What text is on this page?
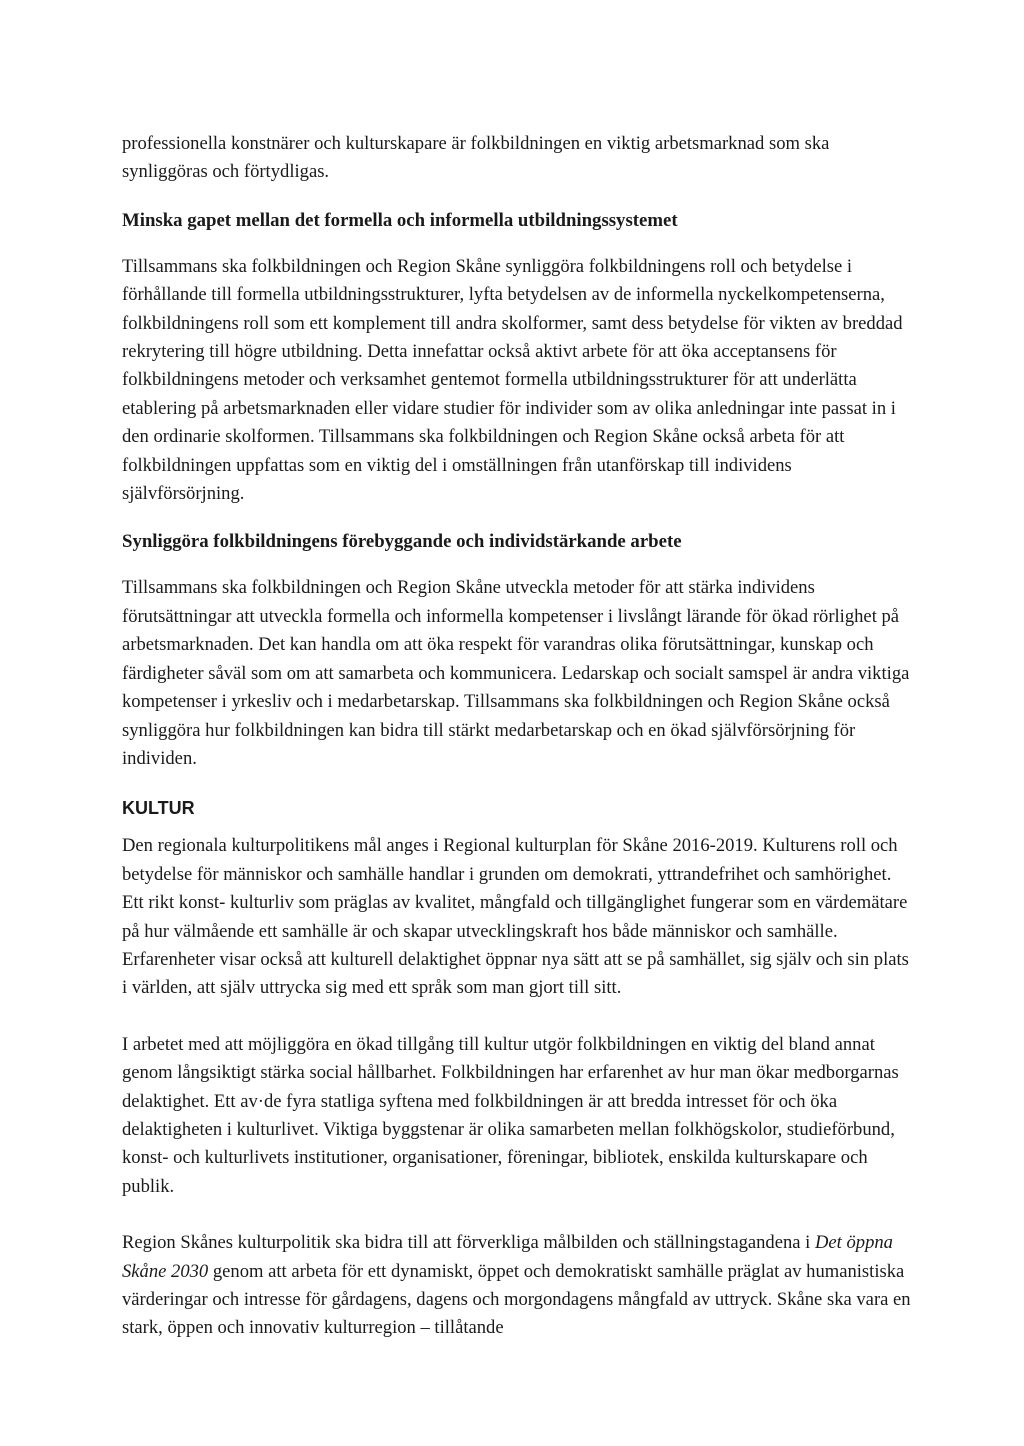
professionella konstnärer och kulturskapare är folkbildningen en viktig arbetsmarknad som ska synliggöras och förtydligas.

Minska gapet mellan det formella och informella utbildningssystemet

Tillsammans ska folkbildningen och Region Skåne synliggöra folkbildningens roll och betydelse i förhållande till formella utbildningsstrukturer, lyfta betydelsen av de informella nyckelkompetenserna, folkbildningens roll som ett komplement till andra skolformer, samt dess betydelse för vikten av breddad rekrytering till högre utbildning. Detta innefattar också aktivt arbete för att öka acceptansens för folkbildningens metoder och verksamhet gentemot formella utbildningsstrukturer för att underlätta etablering på arbetsmarknaden eller vidare studier för individer som av olika anledningar inte passat in i den ordinarie skolformen. Tillsammans ska folkbildningen och Region Skåne också arbeta för att folkbildningen uppfattas som en viktig del i omställningen från utanförskap till individens självförsörjning.

Synliggöra folkbildningens förebyggande och individstärkande arbete

Tillsammans ska folkbildningen och Region Skåne utveckla metoder för att stärka individens förutsättningar att utveckla formella och informella kompetenser i livslångt lärande för ökad rörlighet på arbetsmarknaden. Det kan handla om att öka respekt för varandras olika förutsättningar, kunskap och färdigheter såväl som om att samarbeta och kommunicera. Ledarskap och socialt samspel är andra viktiga kompetenser i yrkesliv och i medarbetarskap. Tillsammans ska folkbildningen och Region Skåne också synliggöra hur folkbildningen kan bidra till stärkt medarbetarskap och en ökad självförsörjning för individen.

KULTUR

Den regionala kulturpolitikens mål anges i Regional kulturplan för Skåne 2016-2019. Kulturens roll och betydelse för människor och samhälle handlar i grunden om demokrati, yttrandefrihet och samhörighet. Ett rikt konst- kulturliv som präglas av kvalitet, mångfald och tillgänglighet fungerar som en värdemätare på hur välmående ett samhälle är och skapar utvecklingskraft hos både människor och samhälle. Erfarenheter visar också att kulturell delaktighet öppnar nya sätt att se på samhället, sig själv och sin plats i världen, att själv uttrycka sig med ett språk som man gjort till sitt.

I arbetet med att möjliggöra en ökad tillgång till kultur utgör folkbildningen en viktig del bland annat genom långsiktigt stärka social hållbarhet. Folkbildningen har erfarenhet av hur man ökar medborgarnas delaktighet. Ett av·de fyra statliga syftena med folkbildningen är att bredda intresset för och öka delaktigheten i kulturlivet. Viktiga byggstenar är olika samarbeten mellan folkhögskolor, studieförbund, konst- och kulturlivets institutioner, organisationer, föreningar, bibliotek, enskilda kulturskapare och publik.

Region Skånes kulturpolitik ska bidra till att förverkliga målbilden och ställningstagandena i Det öppna Skåne 2030 genom att arbeta för ett dynamiskt, öppet och demokratiskt samhälle präglat av humanistiska värderingar och intresse för gårdagens, dagens och morgondagens mångfald av uttryck. Skåne ska vara en stark, öppen och innovativ kulturregion – tillåtande
